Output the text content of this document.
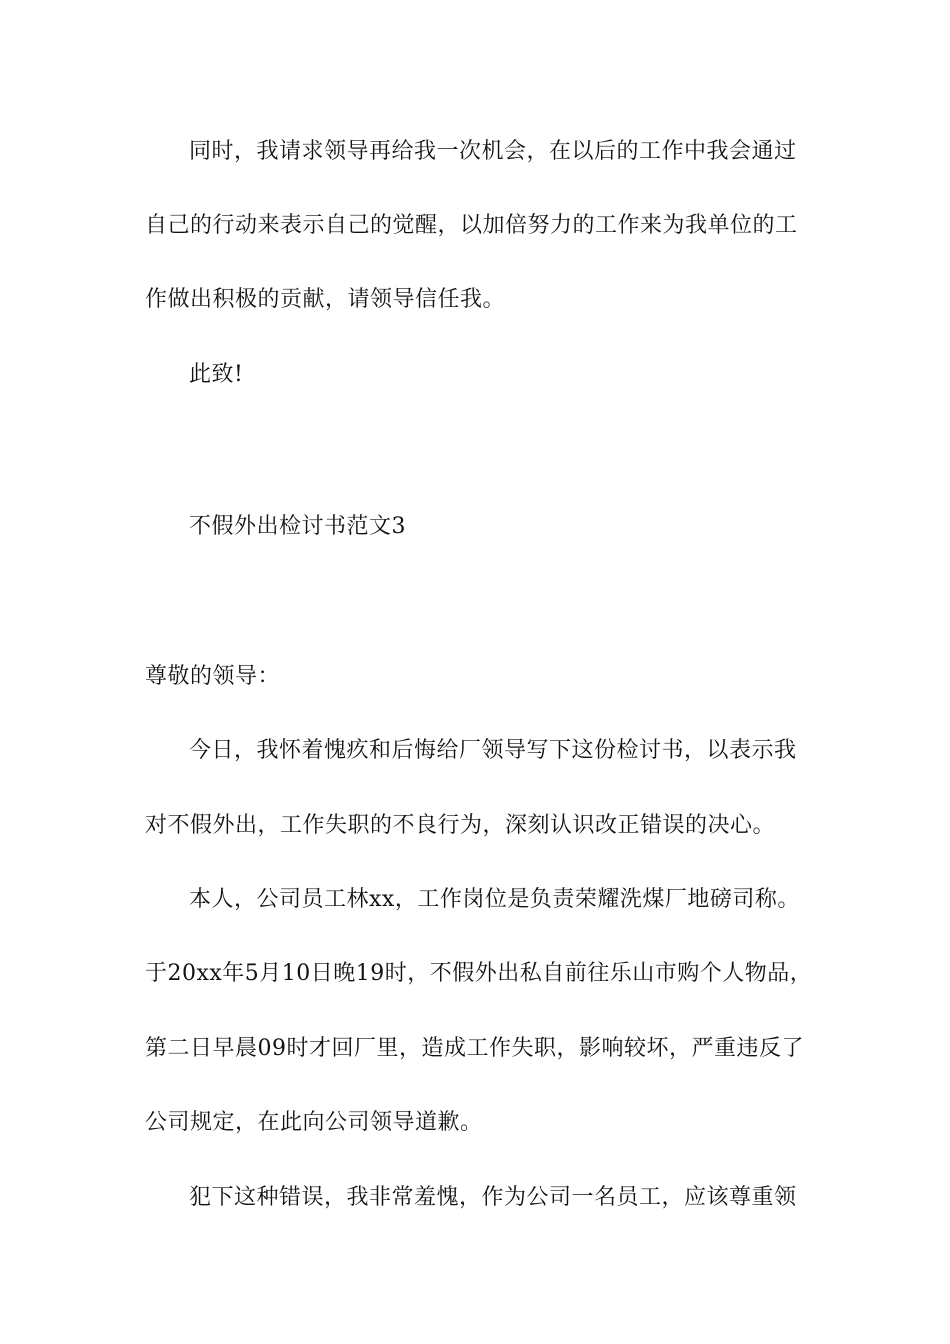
同时，我请求领导再给我一次机会，在以后的工作中我会通过
自己的行动来表示自己的觉醒，以加倍努力的工作来为我单位的工
作做出积极的贡献，请领导信任我。
此致!
不假外出检讨书范文3
尊敬的领导：
今日，我怀着愧疚和后悔给厂领导写下这份检讨书，以表示我
对不假外出，工作失职的不良行为，深刻认识改正错误的决心。
本人，公司员工林xx，工作岗位是负责荣耀洗煤厂地磅司称。
于20xx年5月10日晚19时，不假外出私自前往乐山市购个人物品，
第二日早晨09时才回厂里，造成工作失职，影响较坏，严重违反了
公司规定，在此向公司领导道歉。
犯下这种错误，我非常羞愧，作为公司一名员工，应该尊重领
